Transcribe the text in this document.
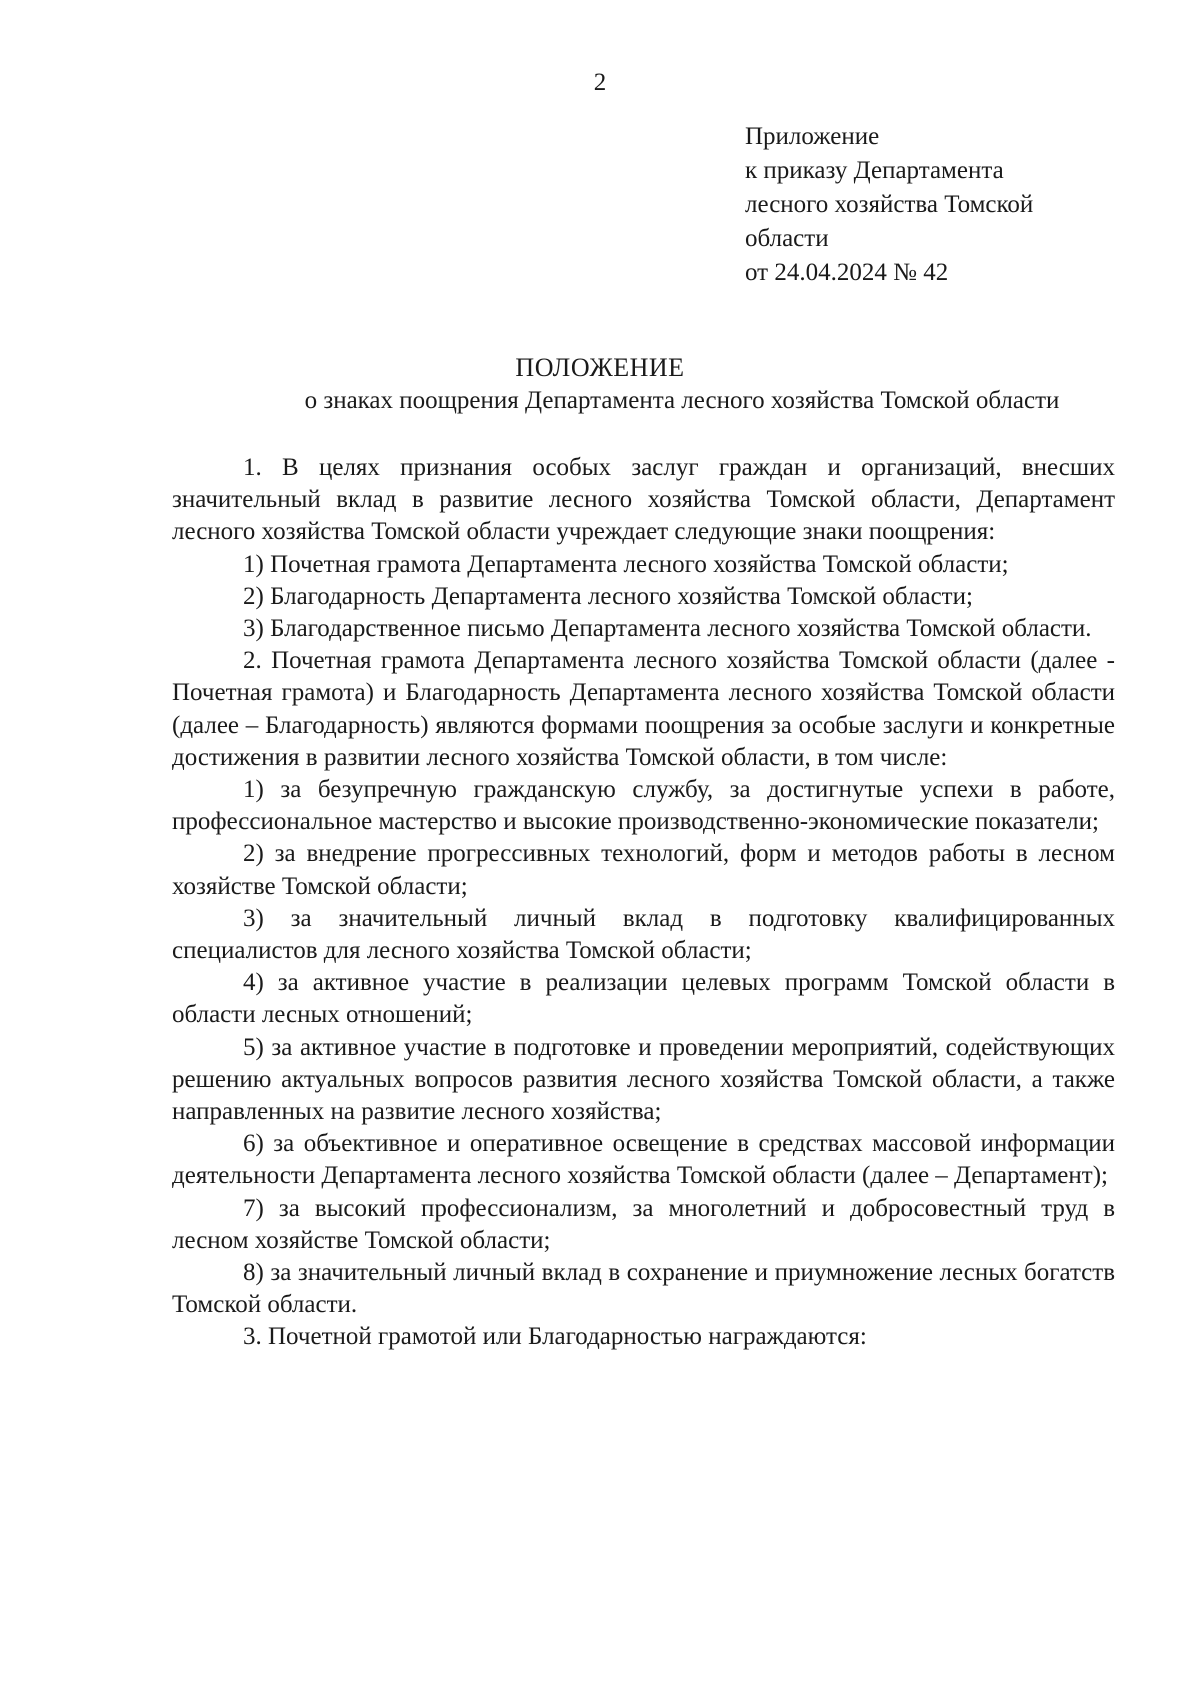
2
Приложение
к приказу Департамента
лесного хозяйства Томской
области
от 24.04.2024 № 42
ПОЛОЖЕНИЕ
о знаках поощрения Департамента лесного хозяйства Томской области

1. В целях признания особых заслуг граждан и организаций, внесших значительный вклад в развитие лесного хозяйства Томской области, Департамент лесного хозяйства Томской области учреждает следующие знаки поощрения:

1) Почетная грамота Департамента лесного хозяйства Томской области;

2) Благодарность Департамента лесного хозяйства Томской области;

3) Благодарственное письмо Департамента лесного хозяйства Томской области.

2. Почетная грамота Департамента лесного хозяйства Томской области (далее - Почетная грамота) и Благодарность Департамента лесного хозяйства Томской области (далее – Благодарность) являются формами поощрения за особые заслуги и конкретные достижения в развитии лесного хозяйства Томской области, в том числе:

1) за безупречную гражданскую службу, за достигнутые успехи в работе, профессиональное мастерство и высокие производственно-экономические показатели;

2) за внедрение прогрессивных технологий, форм и методов работы в лесном хозяйстве Томской области;

3) за значительный личный вклад в подготовку квалифицированных специалистов для лесного хозяйства Томской области;

4) за активное участие в реализации целевых программ Томской области в области лесных отношений;

5) за активное участие в подготовке и проведении мероприятий, содействующих решению актуальных вопросов развития лесного хозяйства Томской области, а также направленных на развитие лесного хозяйства;

6) за объективное и оперативное освещение в средствах массовой информации деятельности Департамента лесного хозяйства Томской области (далее – Департамент);

7) за высокий профессионализм, за многолетний и добросовестный труд в лесном хозяйстве Томской области;

8) за значительный личный вклад в сохранение и приумножение лесных богатств Томской области.

3. Почетной грамотой или Благодарностью награждаются:
